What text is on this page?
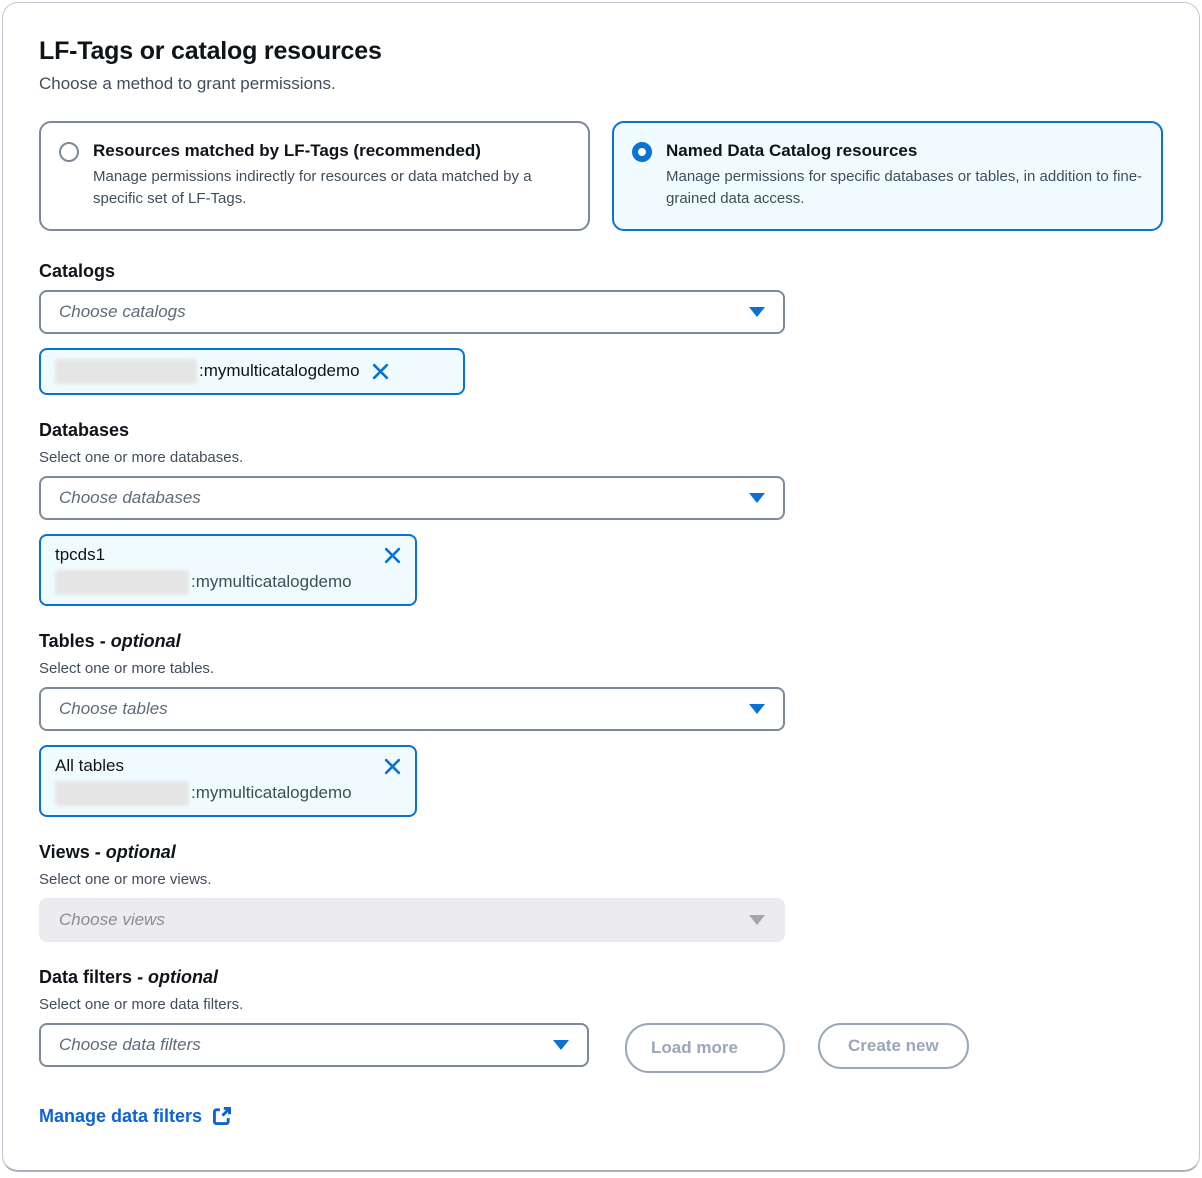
LF-Tags or catalog resources

Choose a method to grant permissions.

Resources matched by LF-Tags (recommended)
Manage permissions indirectly for resources or data matched by a specific set of LF-Tags.
Named Data Catalog resources
Manage permissions for specific databases or tables, in addition to fine-grained data access.
Catalogs
Choose catalogs
:mymulticatalogdemo
Databases

Select one or more databases.

Choose databases
tpcds1
:mymulticatalogdemo
Tables - optional

Select one or more tables.

Choose tables
All tables
:mymulticatalogdemo
Views - optional

Select one or more views.

Choose views
Data filters - optional

Select one or more data filters.

Choose data filters	Load more	Create new
Manage data filters
